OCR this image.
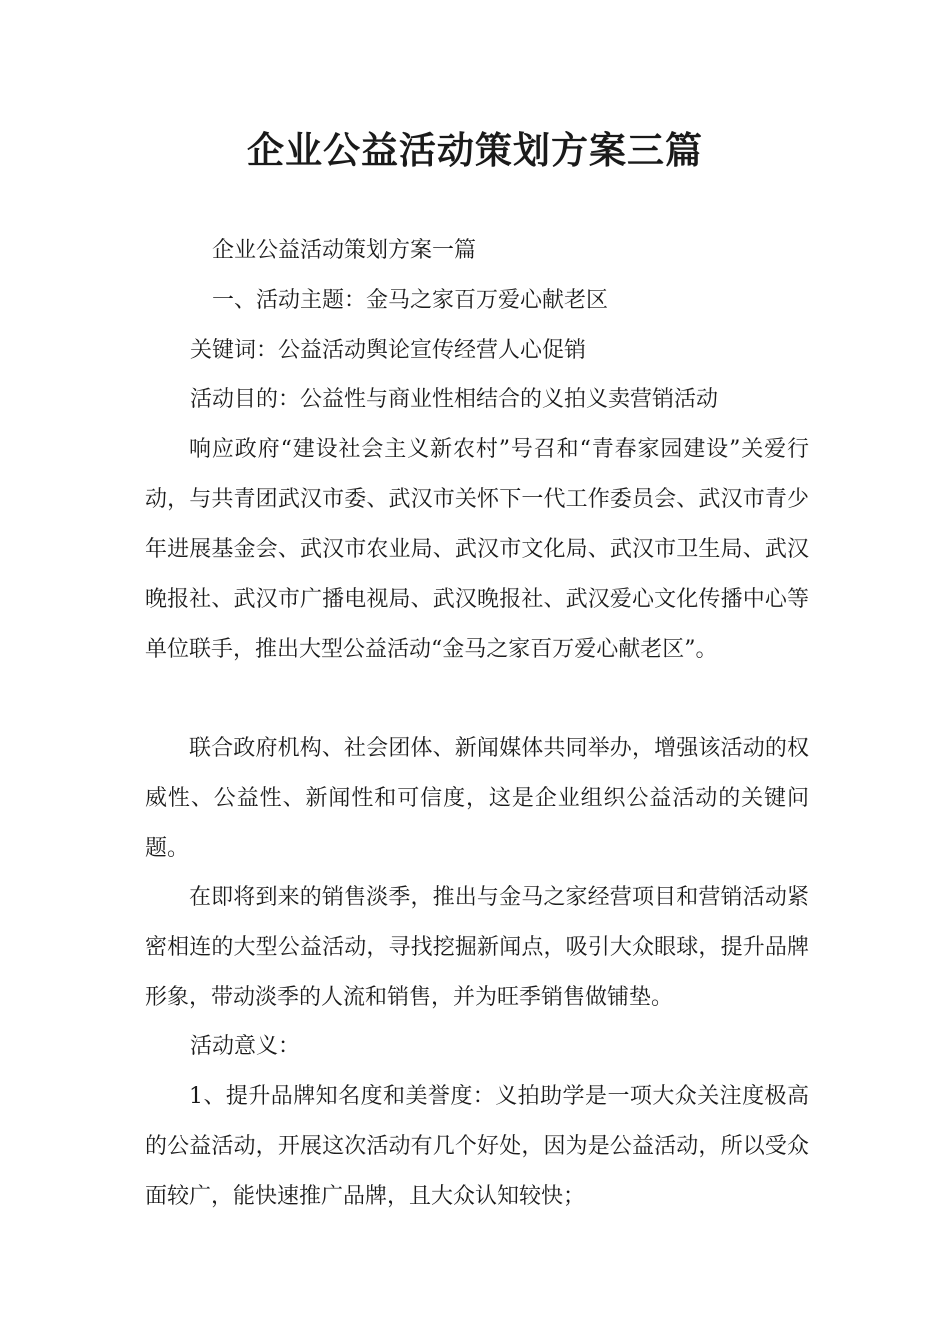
企业公益活动策划方案三篇

企业公益活动策划方案一篇

一、活动主题：金马之家百万爱心献老区

关键词：公益活动舆论宣传经营人心促销

活动目的：公益性与商业性相结合的义拍义卖营销活动

响应政府“建设社会主义新农村”号召和“青春家园建设”关爱行动，与共青团武汉市委、武汉市关怀下一代工作委员会、武汉市青少年进展基金会、武汉市农业局、武汉市文化局、武汉市卫生局、武汉晚报社、武汉市广播电视局、武汉晚报社、武汉爱心文化传播中心等单位联手，推出大型公益活动“金马之家百万爱心献老区”。

联合政府机构、社会团体、新闻媒体共同举办，增强该活动的权威性、公益性、新闻性和可信度，这是企业组织公益活动的关键问题。

在即将到来的销售淡季，推出与金马之家经营项目和营销活动紧密相连的大型公益活动，寻找挖掘新闻点，吸引大众眼球，提升品牌形象，带动淡季的人流和销售，并为旺季销售做铺垫。

活动意义：

1、提升品牌知名度和美誉度：义拍助学是一项大众关注度极高的公益活动，开展这次活动有几个好处，因为是公益活动，所以受众面较广，能快速推广品牌，且大众认知较快；
